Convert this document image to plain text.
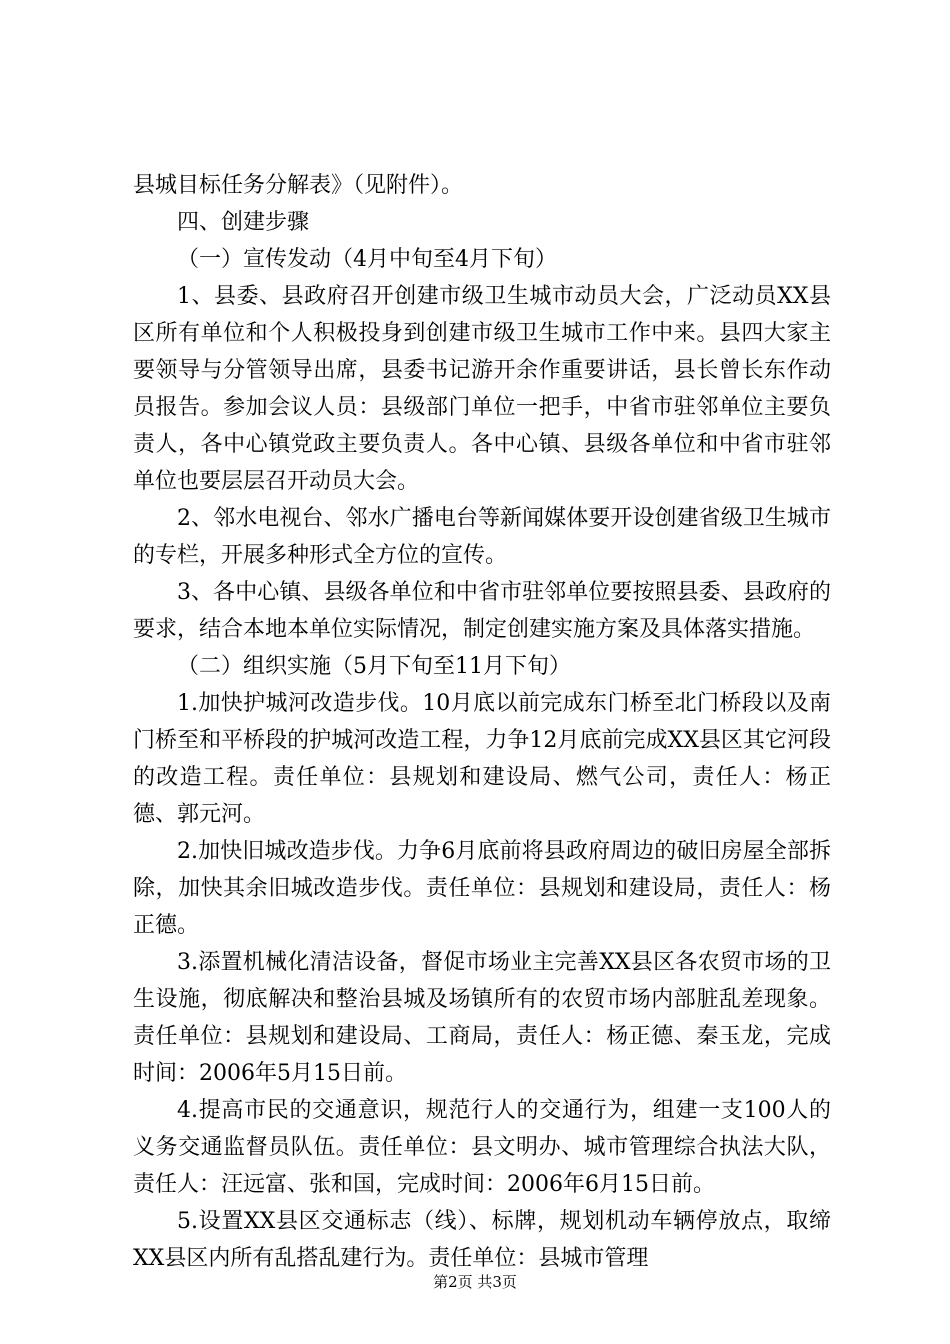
县城目标任务分解表》（见附件）。

四、创建步骤

（一）宣传发动（4月中旬至4月下旬）

1、县委、县政府召开创建市级卫生城市动员大会，广泛动员XX县区所有单位和个人积极投身到创建市级卫生城市工作中来。县四大家主要领导与分管领导出席，县委书记游开余作重要讲话，县长曾长东作动员报告。参加会议人员：县级部门单位一把手，中省市驻邻单位主要负责人，各中心镇党政主要负责人。各中心镇、县级各单位和中省市驻邻单位也要层层召开动员大会。

2、邻水电视台、邻水广播电台等新闻媒体要开设创建省级卫生城市的专栏，开展多种形式全方位的宣传。

3、各中心镇、县级各单位和中省市驻邻单位要按照县委、县政府的要求，结合本地本单位实际情况，制定创建实施方案及具体落实措施。

（二）组织实施（5月下旬至11月下旬）

1.加快护城河改造步伐。10月底以前完成东门桥至北门桥段以及南门桥至和平桥段的护城河改造工程，力争12月底前完成XX县区其它河段的改造工程。责任单位：县规划和建设局、燃气公司，责任人：杨正德、郭元河。

2.加快旧城改造步伐。力争6月底前将县政府周边的破旧房屋全部拆除，加快其余旧城改造步伐。责任单位：县规划和建设局，责任人：杨正德。

3.添置机械化清洁设备，督促市场业主完善XX县区各农贸市场的卫生设施，彻底解决和整治县城及场镇所有的农贸市场内部脏乱差现象。责任单位：县规划和建设局、工商局，责任人：杨正德、秦玉龙，完成时间：2006年5月15日前。

4.提高市民的交通意识，规范行人的交通行为，组建一支100人的义务交通监督员队伍。责任单位：县文明办、城市管理综合执法大队，责任人：汪远富、张和国，完成时间：2006年6月15日前。

5.设置XX县区交通标志（线）、标牌，规划机动车辆停放点，取缔XX县区内所有乱搭乱建行为。责任单位：县城市管理

第2页 共3页
